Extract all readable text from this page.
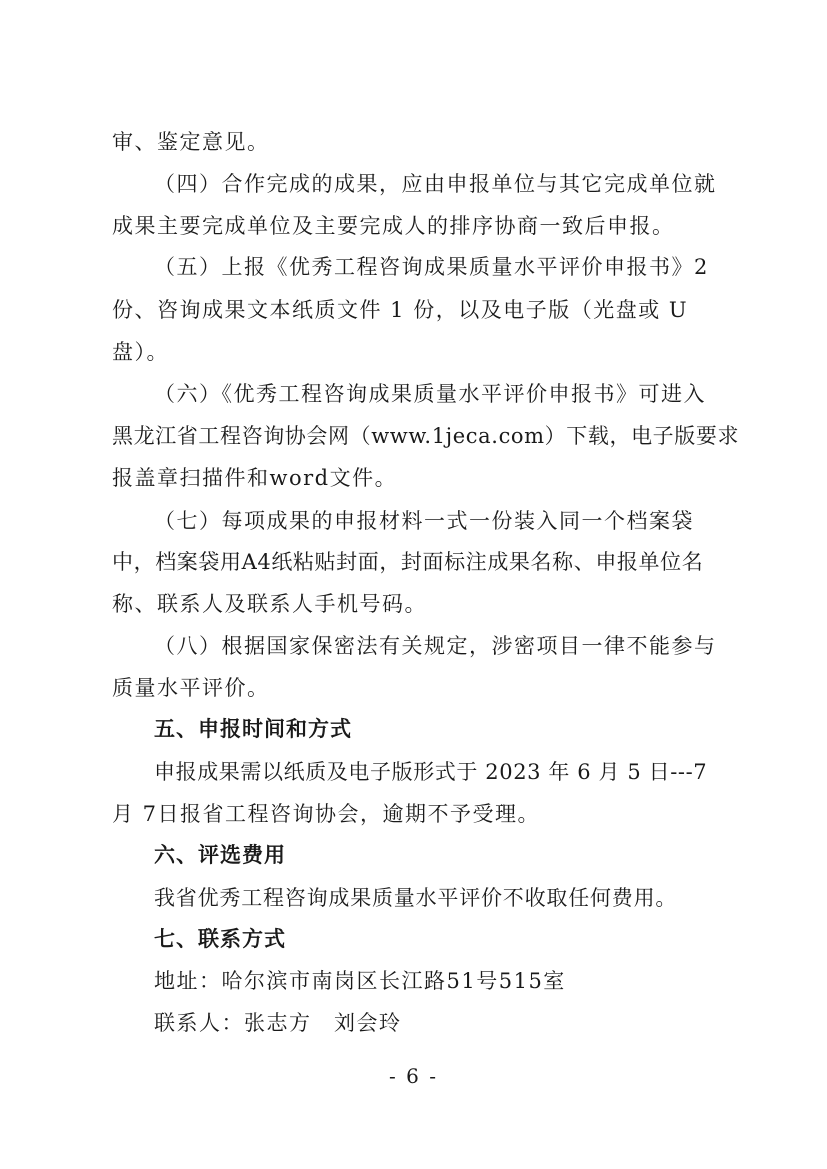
审、鉴定意见。
（四）合作完成的成果，应由申报单位与其它完成单位就
成果主要完成单位及主要完成人的排序协商一致后申报。
（五）上报《优秀工程咨询成果质量水平评价申报书》2
份、咨询成果文本纸质文件 1 份，以及电子版（光盘或 U
盘）。
（六）《优秀工程咨询成果质量水平评价申报书》可进入
黑龙江省工程咨询协会网（www.1jeca.com）下载，电子版要求
报盖章扫描件和word文件。
（七）每项成果的申报材料一式一份装入同一个档案袋
中，档案袋用A4纸粘贴封面，封面标注成果名称、申报单位名
称、联系人及联系人手机号码。
（八）根据国家保密法有关规定，涉密项目一律不能参与
质量水平评价。
五、申报时间和方式
申报成果需以纸质及电子版形式于 2023 年 6 月 5 日---7
月 7日报省工程咨询协会，逾期不予受理。
六、评选费用
我省优秀工程咨询成果质量水平评价不收取任何费用。
七、联系方式
地址：哈尔滨市南岗区长江路51号515室
联系人：张志方　刘会玲
- 6 -
